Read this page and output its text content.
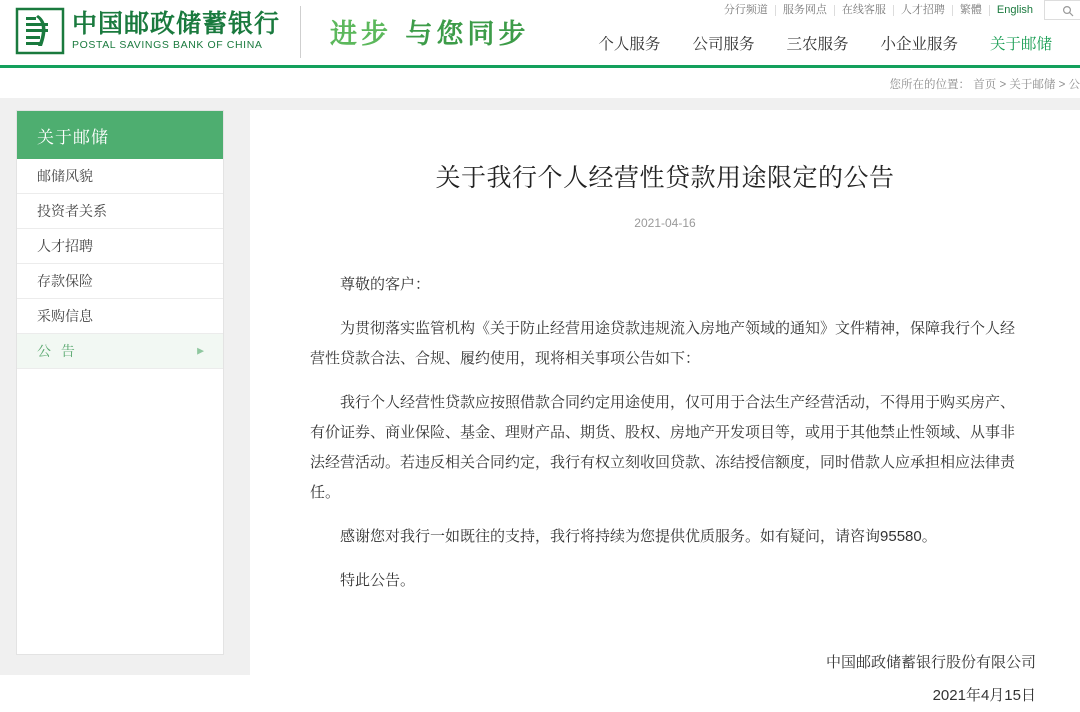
中国邮政储蓄银行
POSTAL SAVINGS BANK OF CHINA	进步 与您同步
分行频道	服务网点	在线客服	人才招聘	繁體	English
个人服务	公司服务	三农服务	小企业服务	关于邮储
您所在的位置： 首页 > 关于邮储 > 公
关于邮储
邮储风貌
投资者关系
人才招聘
存款保险
采购信息
公 告	▶
关于我行个人经营性贷款用途限定的公告
2021-04-16

尊敬的客户：

为贯彻落实监管机构《关于防止经营用途贷款违规流入房地产领域的通知》文件精神，保障我行个人经营性贷款合法、合规、履约使用，现将相关事项公告如下：

我行个人经营性贷款应按照借款合同约定用途使用，仅可用于合法生产经营活动，不得用于购买房产、有价证券、商业保险、基金、理财产品、期货、股权、房地产开发项目等，或用于其他禁止性领域、从事非法经营活动。若违反相关合同约定，我行有权立刻收回贷款、冻结授信额度，同时借款人应承担相应法律责任。

感谢您对我行一如既往的支持，我行将持续为您提供优质服务。如有疑问，请咨询95580。

特此公告。

中国邮政储蓄银行股份有限公司
2021年4月15日
